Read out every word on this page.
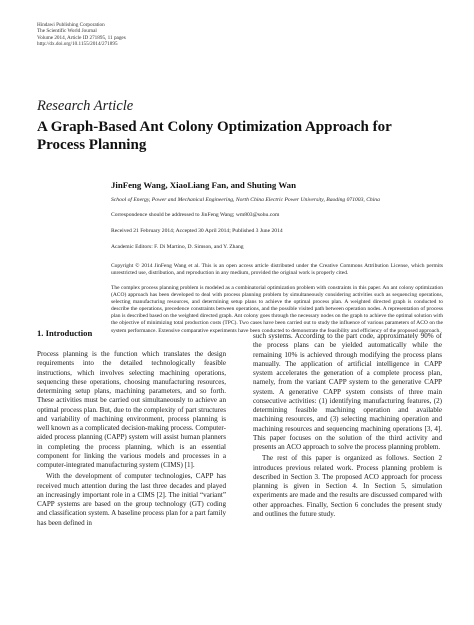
Hindawi Publishing Corporation
The Scientific World Journal
Volume 2014, Article ID 271895, 11 pages
http://dx.doi.org/10.1155/2014/271895
Research Article
A Graph-Based Ant Colony Optimization Approach for Process Planning
JinFeng Wang, XiaoLiang Fan, and Shuting Wan
School of Energy, Power and Mechanical Engineering, North China Electric Power University, Baoding 071003, China
Correspondence should be addressed to JinFeng Wang; wm803@sohu.com
Received 21 February 2014; Accepted 30 April 2014; Published 3 June 2014
Academic Editors: F. Di Martino, D. Simson, and Y. Zhang
Copyright © 2014 JinFeng Wang et al. This is an open access article distributed under the Creative Commons Attribution License, which permits unrestricted use, distribution, and reproduction in any medium, provided the original work is properly cited.
The complex process planning problem is modeled as a combinatorial optimization problem with constraints in this paper. An ant colony optimization (ACO) approach has been developed to deal with process planning problem by simultaneously considering activities such as sequencing operations, selecting manufacturing resources, and determining setup plans to achieve the optimal process plan. A weighted directed graph is conducted to describe the operations, precedence constraints between operations, and the possible visited path between operation nodes. A representation of process plan is described based on the weighted directed graph. Ant colony goes through the necessary nodes on the graph to achieve the optimal solution with the objective of minimizing total production costs (TPC). Two cases have been carried out to study the influence of various parameters of ACO on the system performance. Extensive comparative experiments have been conducted to demonstrate the feasibility and efficiency of the proposed approach.
1. Introduction

Process planning is the function which translates the design requirements into the detailed technologically feasible instructions, which involves selecting machining operations, sequencing these operations, choosing manufacturing resources, determining setup plans, machining parameters, and so forth. These activities must be carried out simultaneously to achieve an optimal process plan. But, due to the complexity of part structures and variability of machining environment, process planning is well known as a complicated decision-making process. Computer-aided process planning (CAPP) system will assist human planners in completing the process planning, which is an essential component for linking the various models and processes in a computer-integrated manufacturing system (CIMS) [1].

With the development of computer technologies, CAPP has received much attention during the last three decades and played an increasingly important role in a CIMS [2]. The initial “variant” CAPP systems are based on the group technology (GT) coding and classification system. A baseline process plan for a part family has been defined in

such systems. According to the part code, approximately 90% of the process plans can be yielded automatically while the remaining 10% is achieved through modifying the process plans manually. The application of artificial intelligence in CAPP system accelerates the generation of a complete process plan, namely, from the variant CAPP system to the generative CAPP system. A generative CAPP system consists of three main consecutive activities: (1) identifying manufacturing features, (2) determining feasible machining operation and available machining resources, and (3) selecting machining operation and machining resources and sequencing machining operations [3, 4]. This paper focuses on the solution of the third activity and presents an ACO approach to solve the process planning problem.

The rest of this paper is organized as follows. Section 2 introduces previous related work. Process planning problem is described in Section 3. The proposed ACO approach for process planning is given in Section 4. In Section 5, simulation experiments are made and the results are discussed compared with other approaches. Finally, Section 6 concludes the present study and outlines the future study.
